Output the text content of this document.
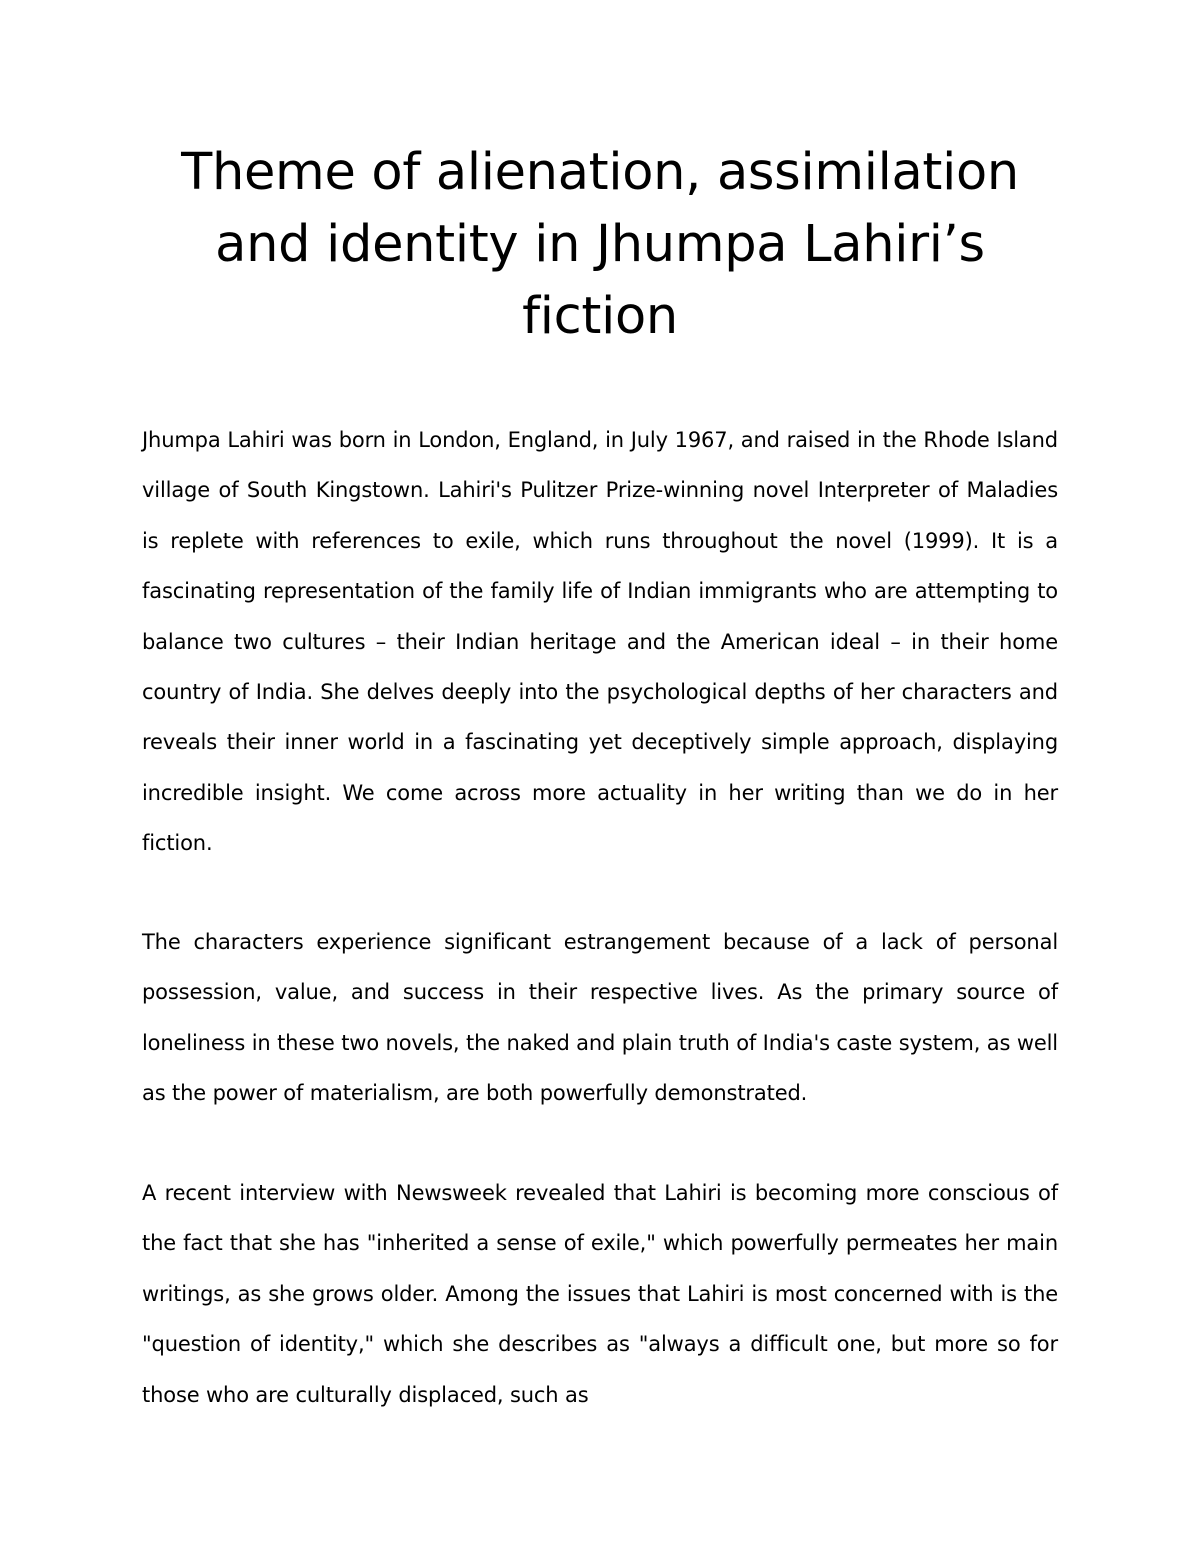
Theme of alienation, assimilation and identity in Jhumpa Lahiri’s fiction

Jhumpa Lahiri was born in London, England, in July 1967, and raised in the Rhode Island village of South Kingstown. Lahiri's Pulitzer Prize-winning novel Interpreter of Maladies is replete with references to exile, which runs throughout the novel (1999). It is a fascinating representation of the family life of Indian immigrants who are attempting to balance two cultures – their Indian heritage and the American ideal – in their home country of India. She delves deeply into the psychological depths of her characters and reveals their inner world in a fascinating yet deceptively simple approach, displaying incredible insight. We come across more actuality in her writing than we do in her fiction.

The characters experience significant estrangement because of a lack of personal possession, value, and success in their respective lives. As the primary source of loneliness in these two novels, the naked and plain truth of India's caste system, as well as the power of materialism, are both powerfully demonstrated.

A recent interview with Newsweek revealed that Lahiri is becoming more conscious of the fact that she has "inherited a sense of exile," which powerfully permeates her main writings, as she grows older. Among the issues that Lahiri is most concerned with is the "question of identity," which she describes as "always a difficult one, but more so for those who are culturally displaced, such as
